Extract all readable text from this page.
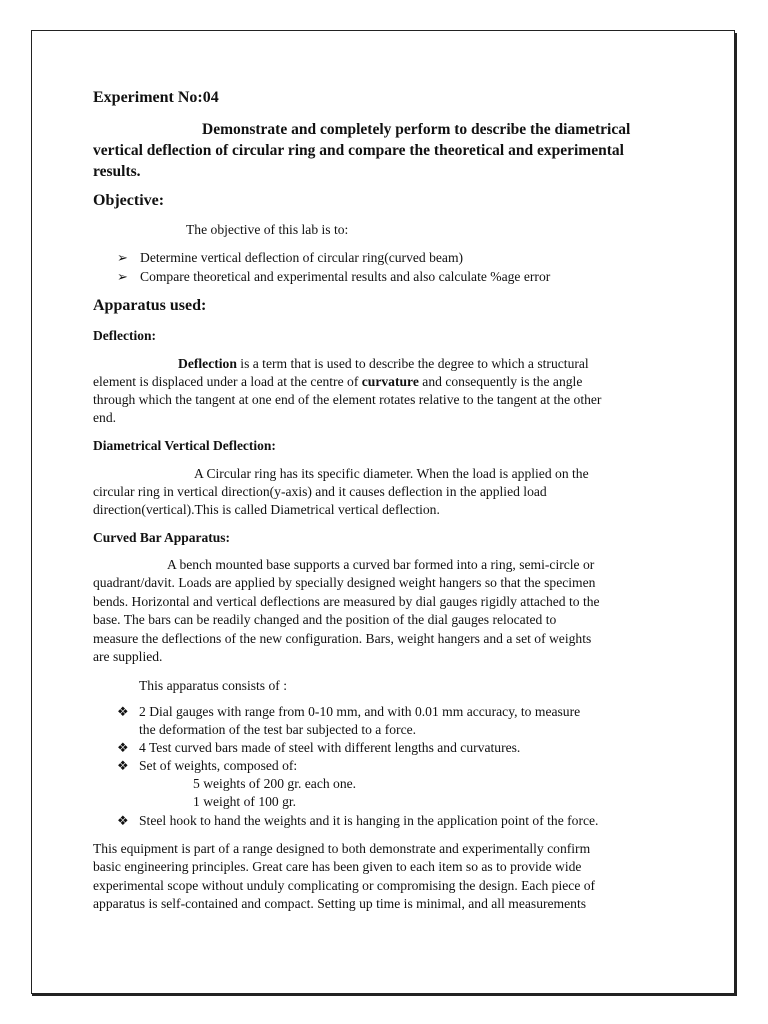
Experiment No:04
Demonstrate and completely perform to describe the diametrical
vertical deflection of circular ring and compare the theoretical and experimental
results.
Objective:
The objective of this lab is to:
➢ Determine vertical deflection of circular ring(curved beam)
➢ Compare theoretical and experimental results and also calculate %age error
Apparatus used:
Deflection:
Deflection is a term that is used to describe the degree to which a structural
element is displaced under a load at the centre of curvature and consequently is the angle
through which the tangent at one end of the element rotates relative to the tangent at the other
end.
Diametrical Vertical Deflection:
A Circular ring has its specific diameter. When the load is applied on the
circular ring in vertical direction(y-axis) and it causes deflection in the applied load
direction(vertical).This is called Diametrical vertical deflection.
Curved Bar Apparatus:
A bench mounted base supports a curved bar formed into a ring, semi-circle or
quadrant/davit. Loads are applied by specially designed weight hangers so that the specimen
bends. Horizontal and vertical deflections are measured by dial gauges rigidly attached to the
base. The bars can be readily changed and the position of the dial gauges relocated to
measure the deflections of the new configuration. Bars, weight hangers and a set of weights
are supplied.
This apparatus consists of :
❖ 2 Dial gauges with range from 0-10 mm, and with 0.01 mm accuracy, to measure
the deformation of the test bar subjected to a force.
❖ 4 Test curved bars made of steel with different lengths and curvatures.
❖ Set of weights, composed of:
5 weights of 200 gr. each one.
1 weight of 100 gr.
❖ Steel hook to hand the weights and it is hanging in the application point of the force.
This equipment is part of a range designed to both demonstrate and experimentally confirm
basic engineering principles. Great care has been given to each item so as to provide wide
experimental scope without unduly complicating or compromising the design. Each piece of
apparatus is self-contained and compact. Setting up time is minimal, and all measurements
